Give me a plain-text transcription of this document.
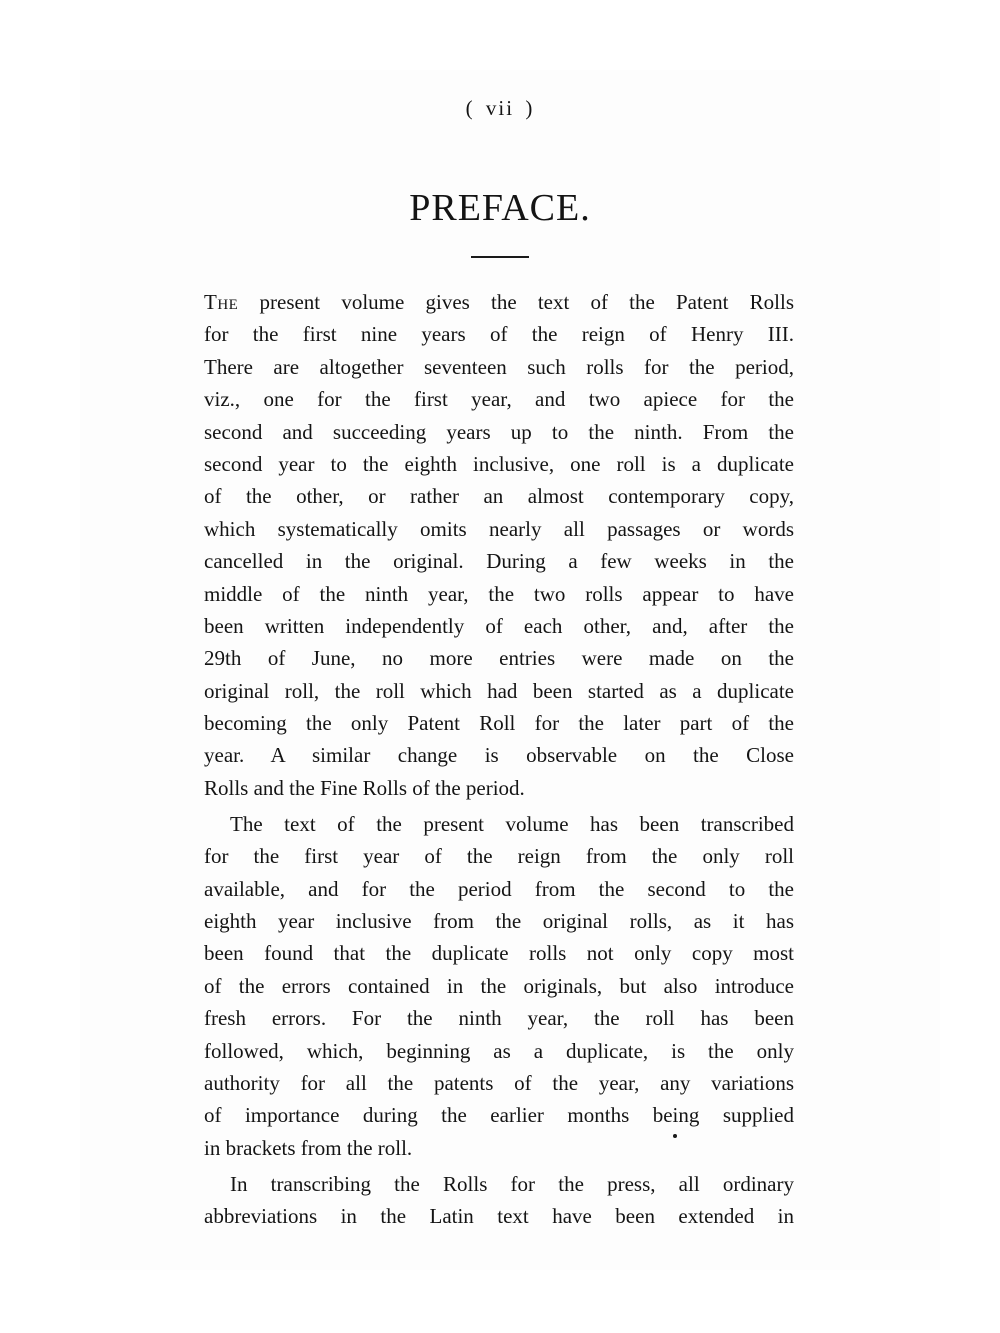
( vii )
PREFACE.
The present volume gives the text of the Patent Rolls
for the first nine years of the reign of Henry III.
There are altogether seventeen such rolls for the period,
viz., one for the first year, and two apiece for the
second and succeeding years up to the ninth. From the
second year to the eighth inclusive, one roll is a duplicate
of the other, or rather an almost contemporary copy,
which systematically omits nearly all passages or words
cancelled in the original. During a few weeks in the
middle of the ninth year, the two rolls appear to have
been written independently of each other, and, after the
29th of June, no more entries were made on the
original roll, the roll which had been started as a duplicate
becoming the only Patent Roll for the later part of the
year. A similar change is observable on the Close
Rolls and the Fine Rolls of the period.
The text of the present volume has been transcribed
for the first year of the reign from the only roll
available, and for the period from the second to the
eighth year inclusive from the original rolls, as it has
been found that the duplicate rolls not only copy most
of the errors contained in the originals, but also introduce
fresh errors. For the ninth year, the roll has been
followed, which, beginning as a duplicate, is the only
authority for all the patents of the year, any variations
of importance during the earlier months being supplied
in brackets from the roll.
In transcribing the Rolls for the press, all ordinary
abbreviations in the Latin text have been extended in
